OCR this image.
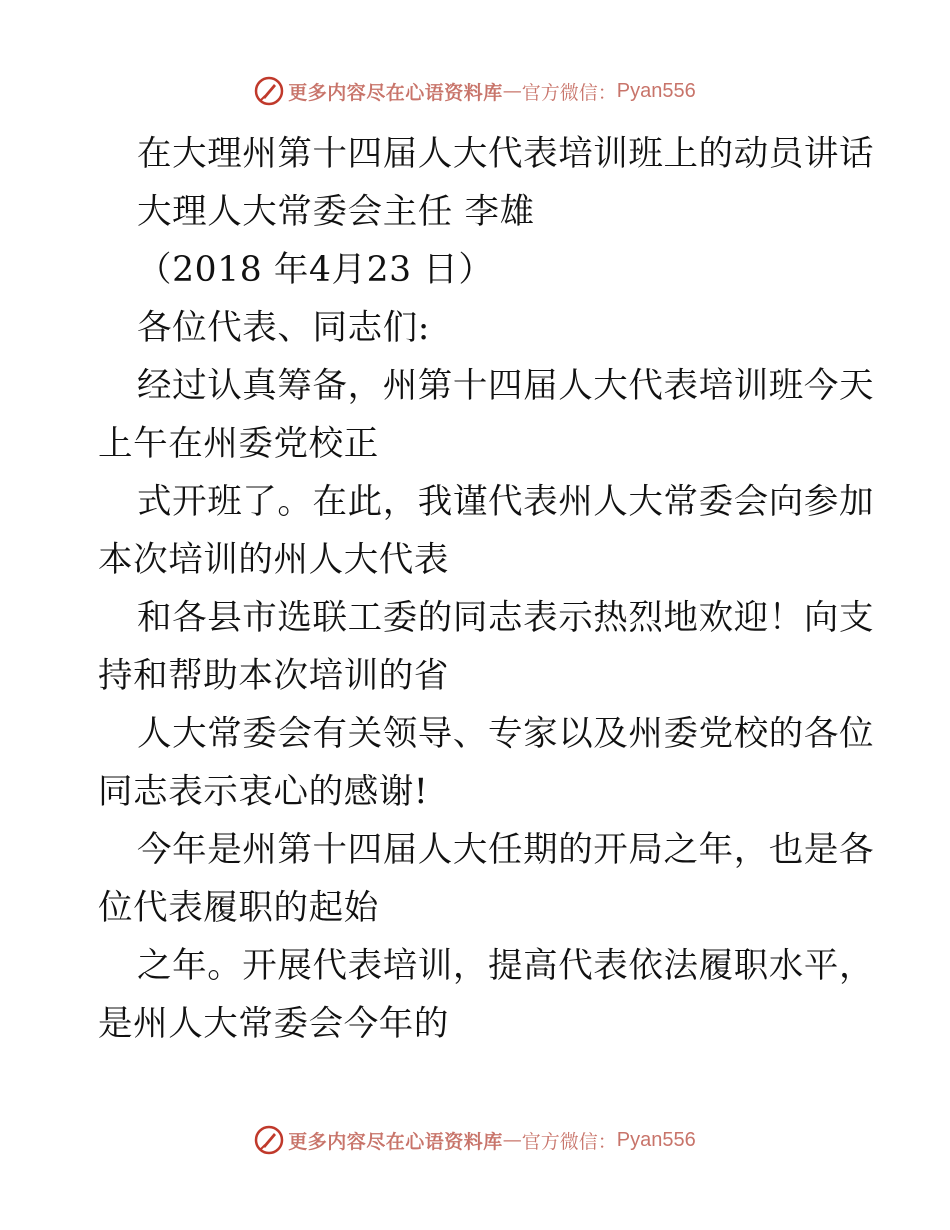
更多内容尽在心语资料库 — 官方微信： Pyan556
在大理州第十四届人大代表培训班上的动员讲话
大理人大常委会主任 李雄
（2018 年4月23 日）
各位代表、同志们:
经过认真筹备，州第十四届人大代表培训班今天
上午在州委党校正
式开班了。在此，我谨代表州人大常委会向参加
本次培训的州人大代表
和各县市选联工委的同志表示热烈地欢迎！向支
持和帮助本次培训的省
人大常委会有关领导、专家以及州委党校的各位
同志表示衷心的感谢!
今年是州第十四届人大任期的开局之年，也是各
位代表履职的起始
之年。开展代表培训，提高代表依法履职水平，
是州人大常委会今年的
更多内容尽在心语资料库 — 官方微信： Pyan556
